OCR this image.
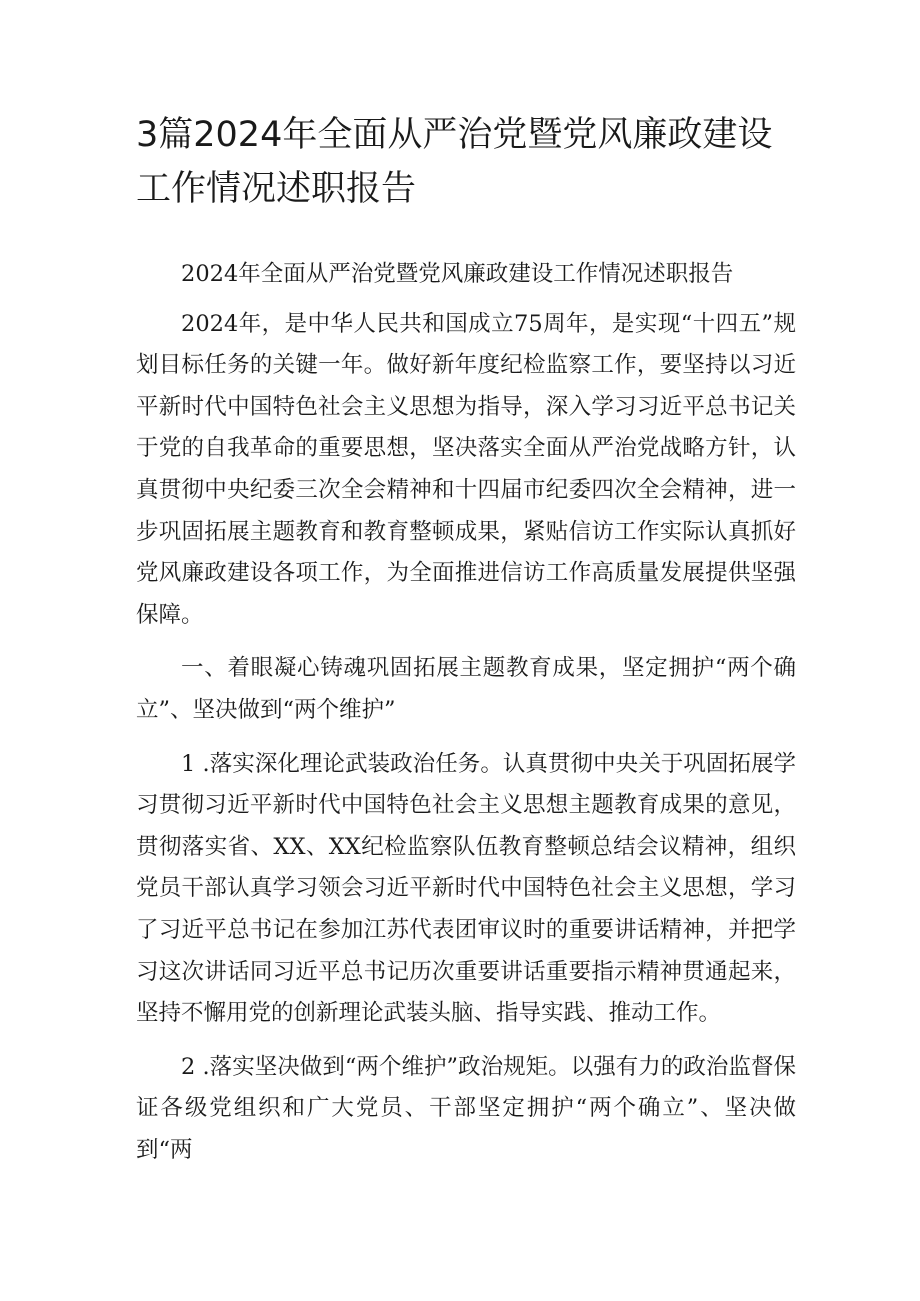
3篇2024年全面从严治党暨党风廉政建设工作情况述职报告

2024年全面从严治党暨党风廉政建设工作情况述职报告

2024年，是中华人民共和国成立75周年，是实现“十四五”规划目标任务的关键一年。做好新年度纪检监察工作，要坚持以习近平新时代中国特色社会主义思想为指导，深入学习习近平总书记关于党的自我革命的重要思想，坚决落实全面从严治党战略方针，认真贯彻中央纪委三次全会精神和十四届市纪委四次全会精神，进一步巩固拓展主题教育和教育整顿成果，紧贴信访工作实际认真抓好党风廉政建设各项工作，为全面推进信访工作高质量发展提供坚强保障。

一、着眼凝心铸魂巩固拓展主题教育成果，坚定拥护“两个确立”、坚决做到“两个维护”

1 .落实深化理论武装政治任务。认真贯彻中央关于巩固拓展学习贯彻习近平新时代中国特色社会主义思想主题教育成果的意见，贯彻落实省、XX、XX纪检监察队伍教育整顿总结会议精神，组织党员干部认真学习领会习近平新时代中国特色社会主义思想，学习了习近平总书记在参加江苏代表团审议时的重要讲话精神，并把学习这次讲话同习近平总书记历次重要讲话重要指示精神贯通起来，坚持不懈用党的创新理论武装头脑、指导实践、推动工作。

2 .落实坚决做到“两个维护”政治规矩。以强有力的政治监督保证各级党组织和广大党员、干部坚定拥护“两个确立”、坚决做到“两
